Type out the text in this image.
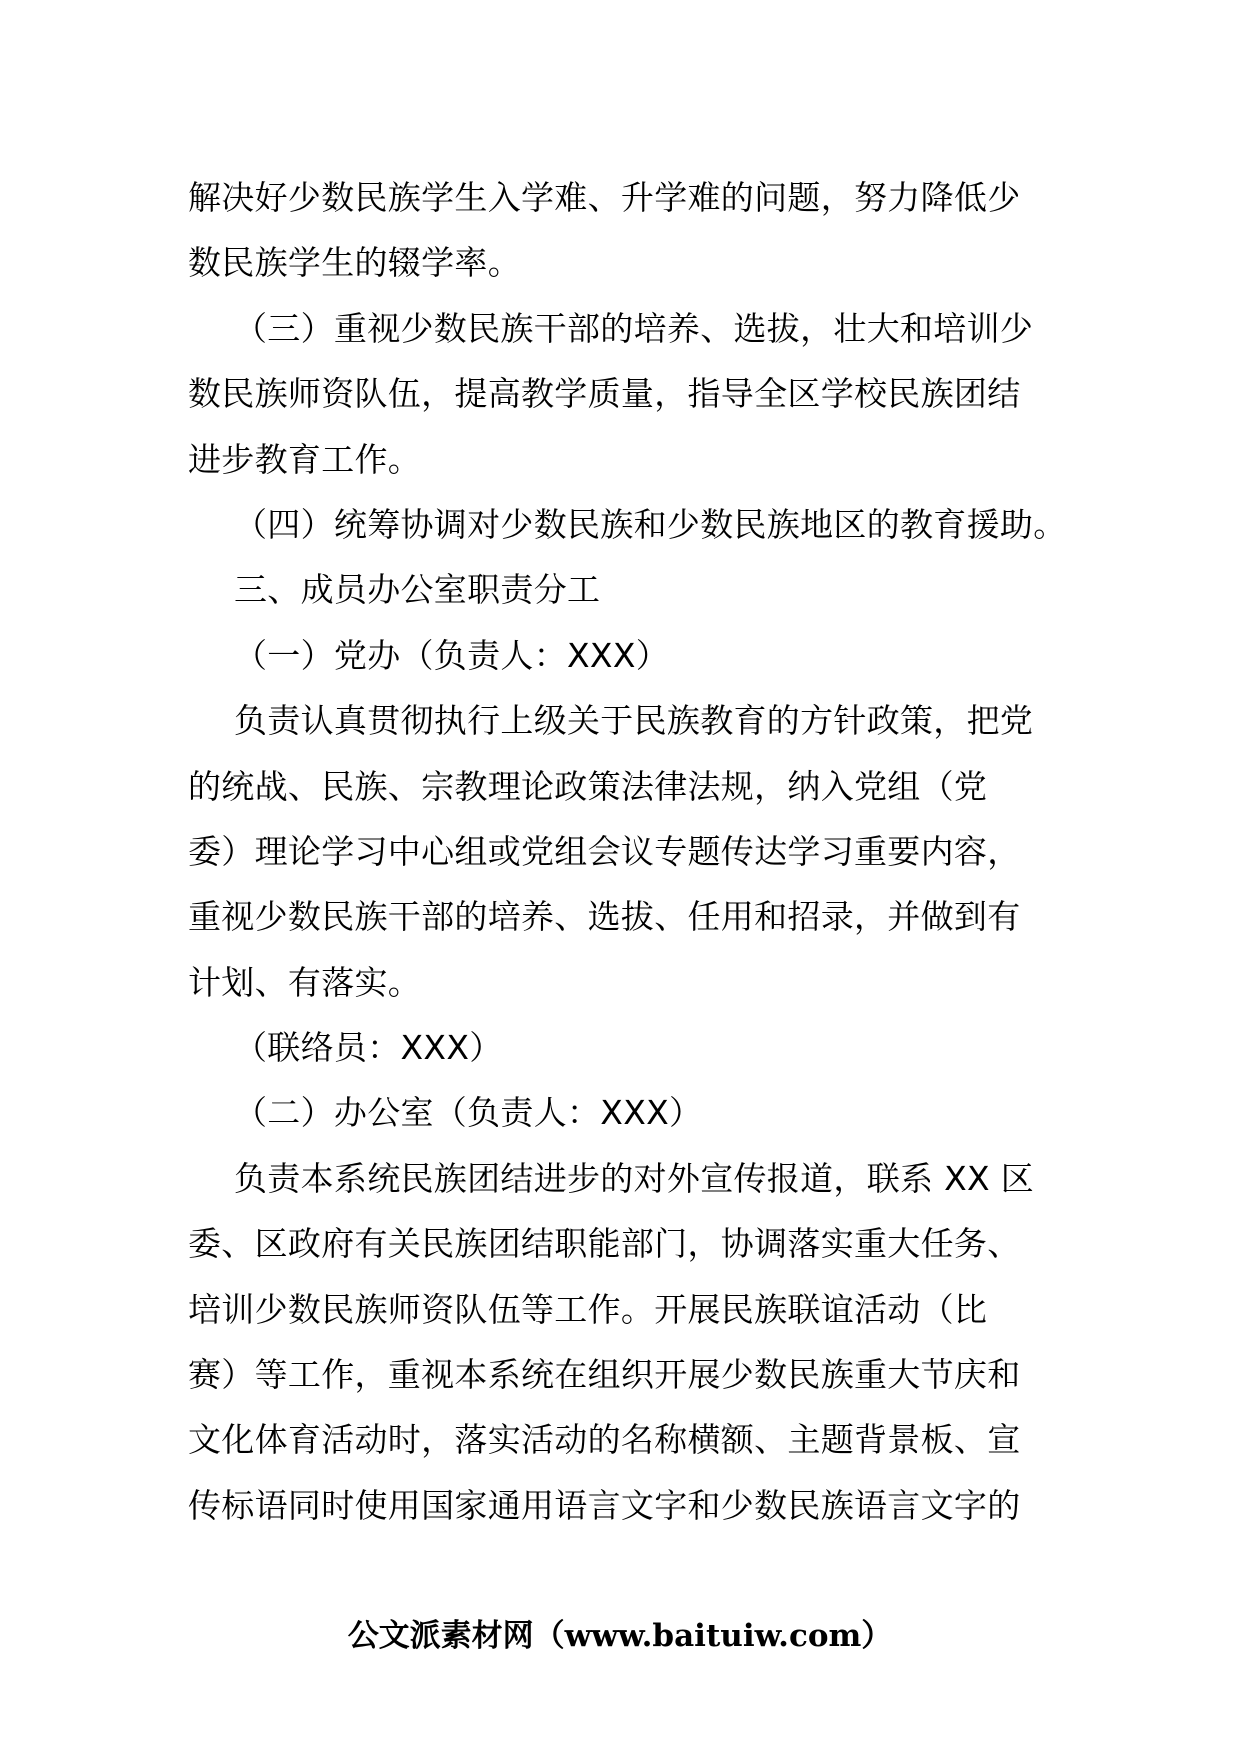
解决好少数民族学生入学难、升学难的问题，努力降低少
数民族学生的辍学率。
（三）重视少数民族干部的培养、选拔，壮大和培训少
数民族师资队伍，提高教学质量，指导全区学校民族团结
进步教育工作。
（四）统筹协调对少数民族和少数民族地区的教育援助。
三、成员办公室职责分工
（一）党办（负责人：XXX）
负责认真贯彻执行上级关于民族教育的方针政策，把党
的统战、民族、宗教理论政策法律法规，纳入党组（党
委）理论学习中心组或党组会议专题传达学习重要内容，
重视少数民族干部的培养、选拔、任用和招录，并做到有
计划、有落实。
（联络员：XXX）
（二）办公室（负责人：XXX）
负责本系统民族团结进步的对外宣传报道，联系 XX 区
委、区政府有关民族团结职能部门，协调落实重大任务、
培训少数民族师资队伍等工作。开展民族联谊活动（比
赛）等工作，重视本系统在组织开展少数民族重大节庆和
文化体育活动时，落实活动的名称横额、主题背景板、宣
传标语同时使用国家通用语言文字和少数民族语言文字的
公文派素材网（www.baituiw.com）
